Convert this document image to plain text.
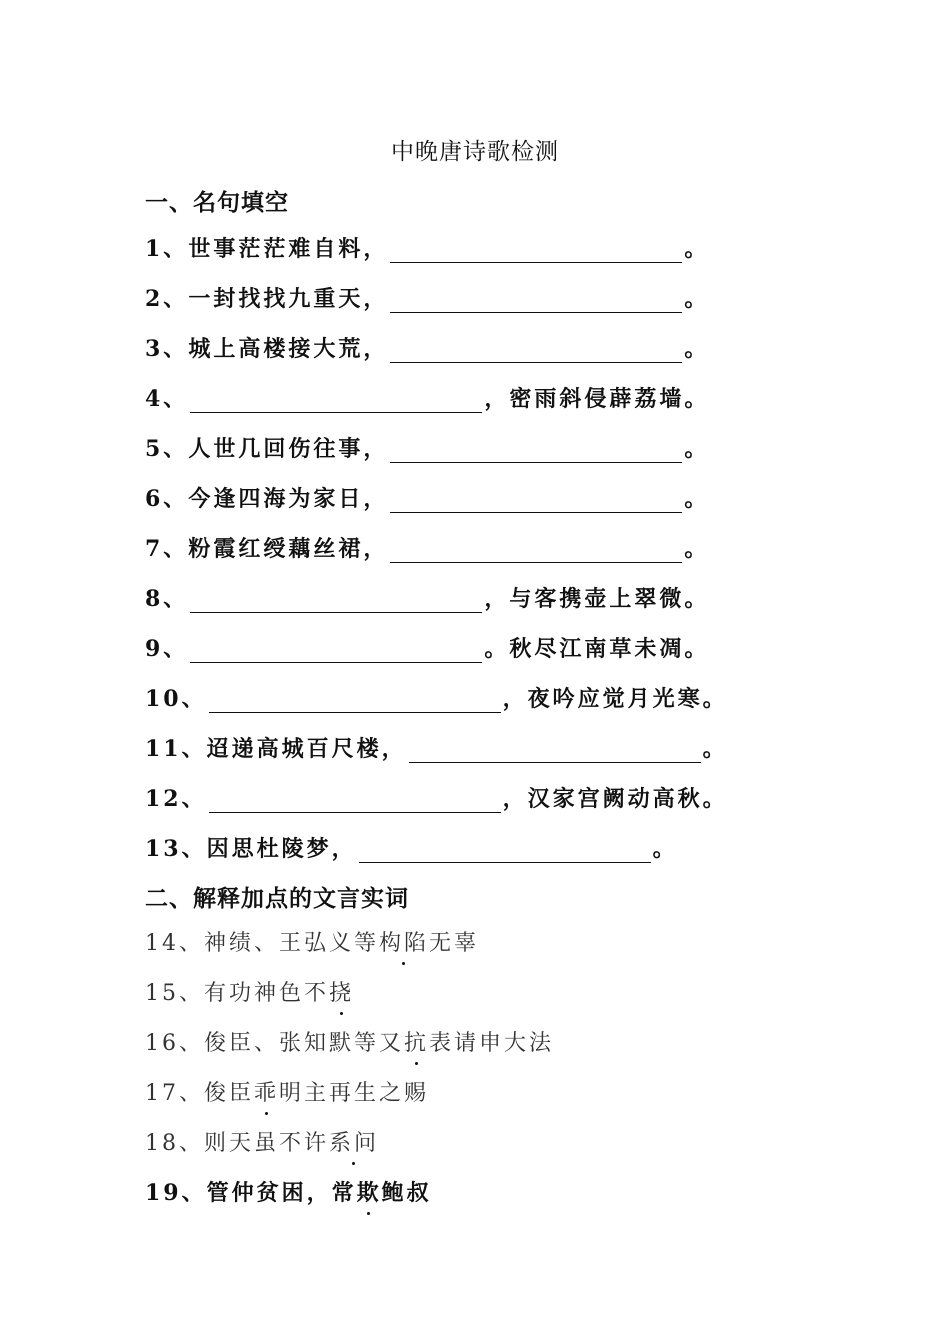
中晚唐诗歌检测
一、名句填空
1、 世事茫茫难自料，	。
2、 一封找找九重天，	。
3、 城上高楼接大荒，	。
4、	，密雨斜侵薜荔墙。
5、 人世几回伤往事，	。
6、 今逢四海为家日，	。
7、 粉霞红绶藕丝裙，	。
8、	，与客携壶上翠微。
9、	。秋尽江南草未凋。
10、	，夜吟应觉月光寒。
11、 迢递高城百尺楼，	。
12、	，汉家宫阙动高秋。
13、 因思杜陵梦，	。
二、解释加点的文言实词
14、 神绩、王弘义等 构陷 无辜
15、 有功神色不 挠
16、 俊臣、张知默等又 抗 表请申大法
17、 俊臣 乖 明主再生之赐
18、 则天虽不许 系问
19、 管仲贫困，常 欺 鲍叔
